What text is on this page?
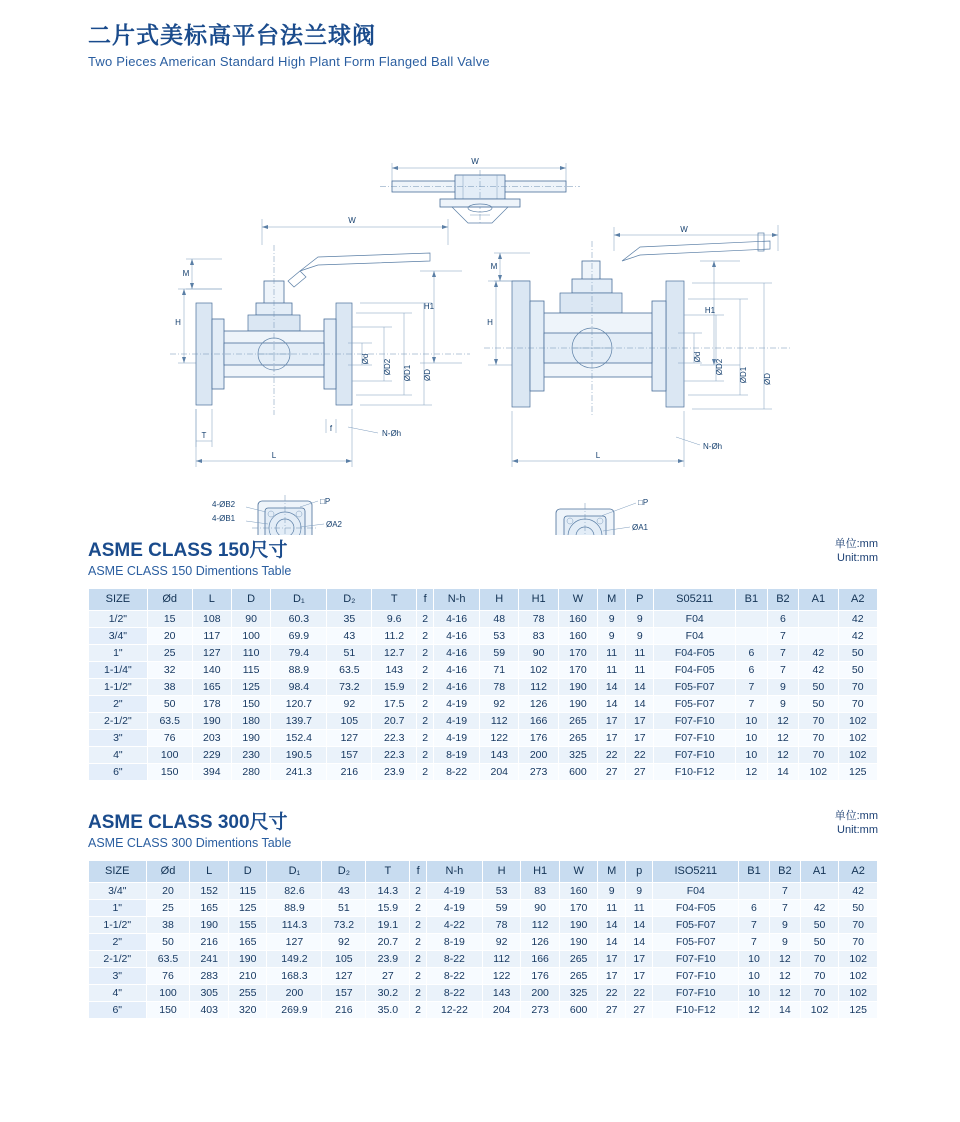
二片式美标高平台法兰球阀
Two Pieces American Standard High Plant Form Flanged Ball Valve
W
W
M
H
H1
Ød ØD2 ØD1 ØD
f
N-Øh
T
L
W
M
H
H1
Ød
ØD2 ØD1 ØD
N-Øh
L
4-ØB2
4-ØB1
□P
ØA2
□P
ØA1
ASME CLASS 150尺寸
ASME CLASS 150 Dimentions Table
单位:mm
Unit:mm
SIZE	Ød	L	D	D₁	D₂	T	f	N-h	H	H1	W	M	P	S05211	B1	B2	A1	A2
1/2"	15	108	90	60.3	35	9.6	2	4-16	48	78	160	9	9	F04		6		42
3/4"	20	117	100	69.9	43	11.2	2	4-16	53	83	160	9	9	F04		7		42
1"	25	127	110	79.4	51	12.7	2	4-16	59	90	170	11	11	F04-F05	6	7	42	50
1-1/4"	32	140	115	88.9	63.5	143	2	4-16	71	102	170	11	11	F04-F05	6	7	42	50
1-1/2"	38	165	125	98.4	73.2	15.9	2	4-16	78	112	190	14	14	F05-F07	7	9	50	70
2"	50	178	150	120.7	92	17.5	2	4-19	92	126	190	14	14	F05-F07	7	9	50	70
2-1/2"	63.5	190	180	139.7	105	20.7	2	4-19	112	166	265	17	17	F07-F10	10	12	70	102
3"	76	203	190	152.4	127	22.3	2	4-19	122	176	265	17	17	F07-F10	10	12	70	102
4"	100	229	230	190.5	157	22.3	2	8-19	143	200	325	22	22	F07-F10	10	12	70	102
6"	150	394	280	241.3	216	23.9	2	8-22	204	273	600	27	27	F10-F12	12	14	102	125
ASME CLASS 300尺寸
ASME CLASS 300 Dimentions Table
单位:mm
Unit:mm
SIZE	Ød	L	D	D₁	D₂	T	f	N-h	H	H1	W	M	p	ISO5211	B1	B2	A1	A2
3/4"	20	152	115	82.6	43	14.3	2	4-19	53	83	160	9	9	F04		7		42
1"	25	165	125	88.9	51	15.9	2	4-19	59	90	170	11	11	F04-F05	6	7	42	50
1-1/2"	38	190	155	114.3	73.2	19.1	2	4-22	78	112	190	14	14	F05-F07	7	9	50	70
2"	50	216	165	127	92	20.7	2	8-19	92	126	190	14	14	F05-F07	7	9	50	70
2-1/2"	63.5	241	190	149.2	105	23.9	2	8-22	112	166	265	17	17	F07-F10	10	12	70	102
3"	76	283	210	168.3	127	27	2	8-22	122	176	265	17	17	F07-F10	10	12	70	102
4"	100	305	255	200	157	30.2	2	8-22	143	200	325	22	22	F07-F10	10	12	70	102
6"	150	403	320	269.9	216	35.0	2	12-22	204	273	600	27	27	F10-F12	12	14	102	125
